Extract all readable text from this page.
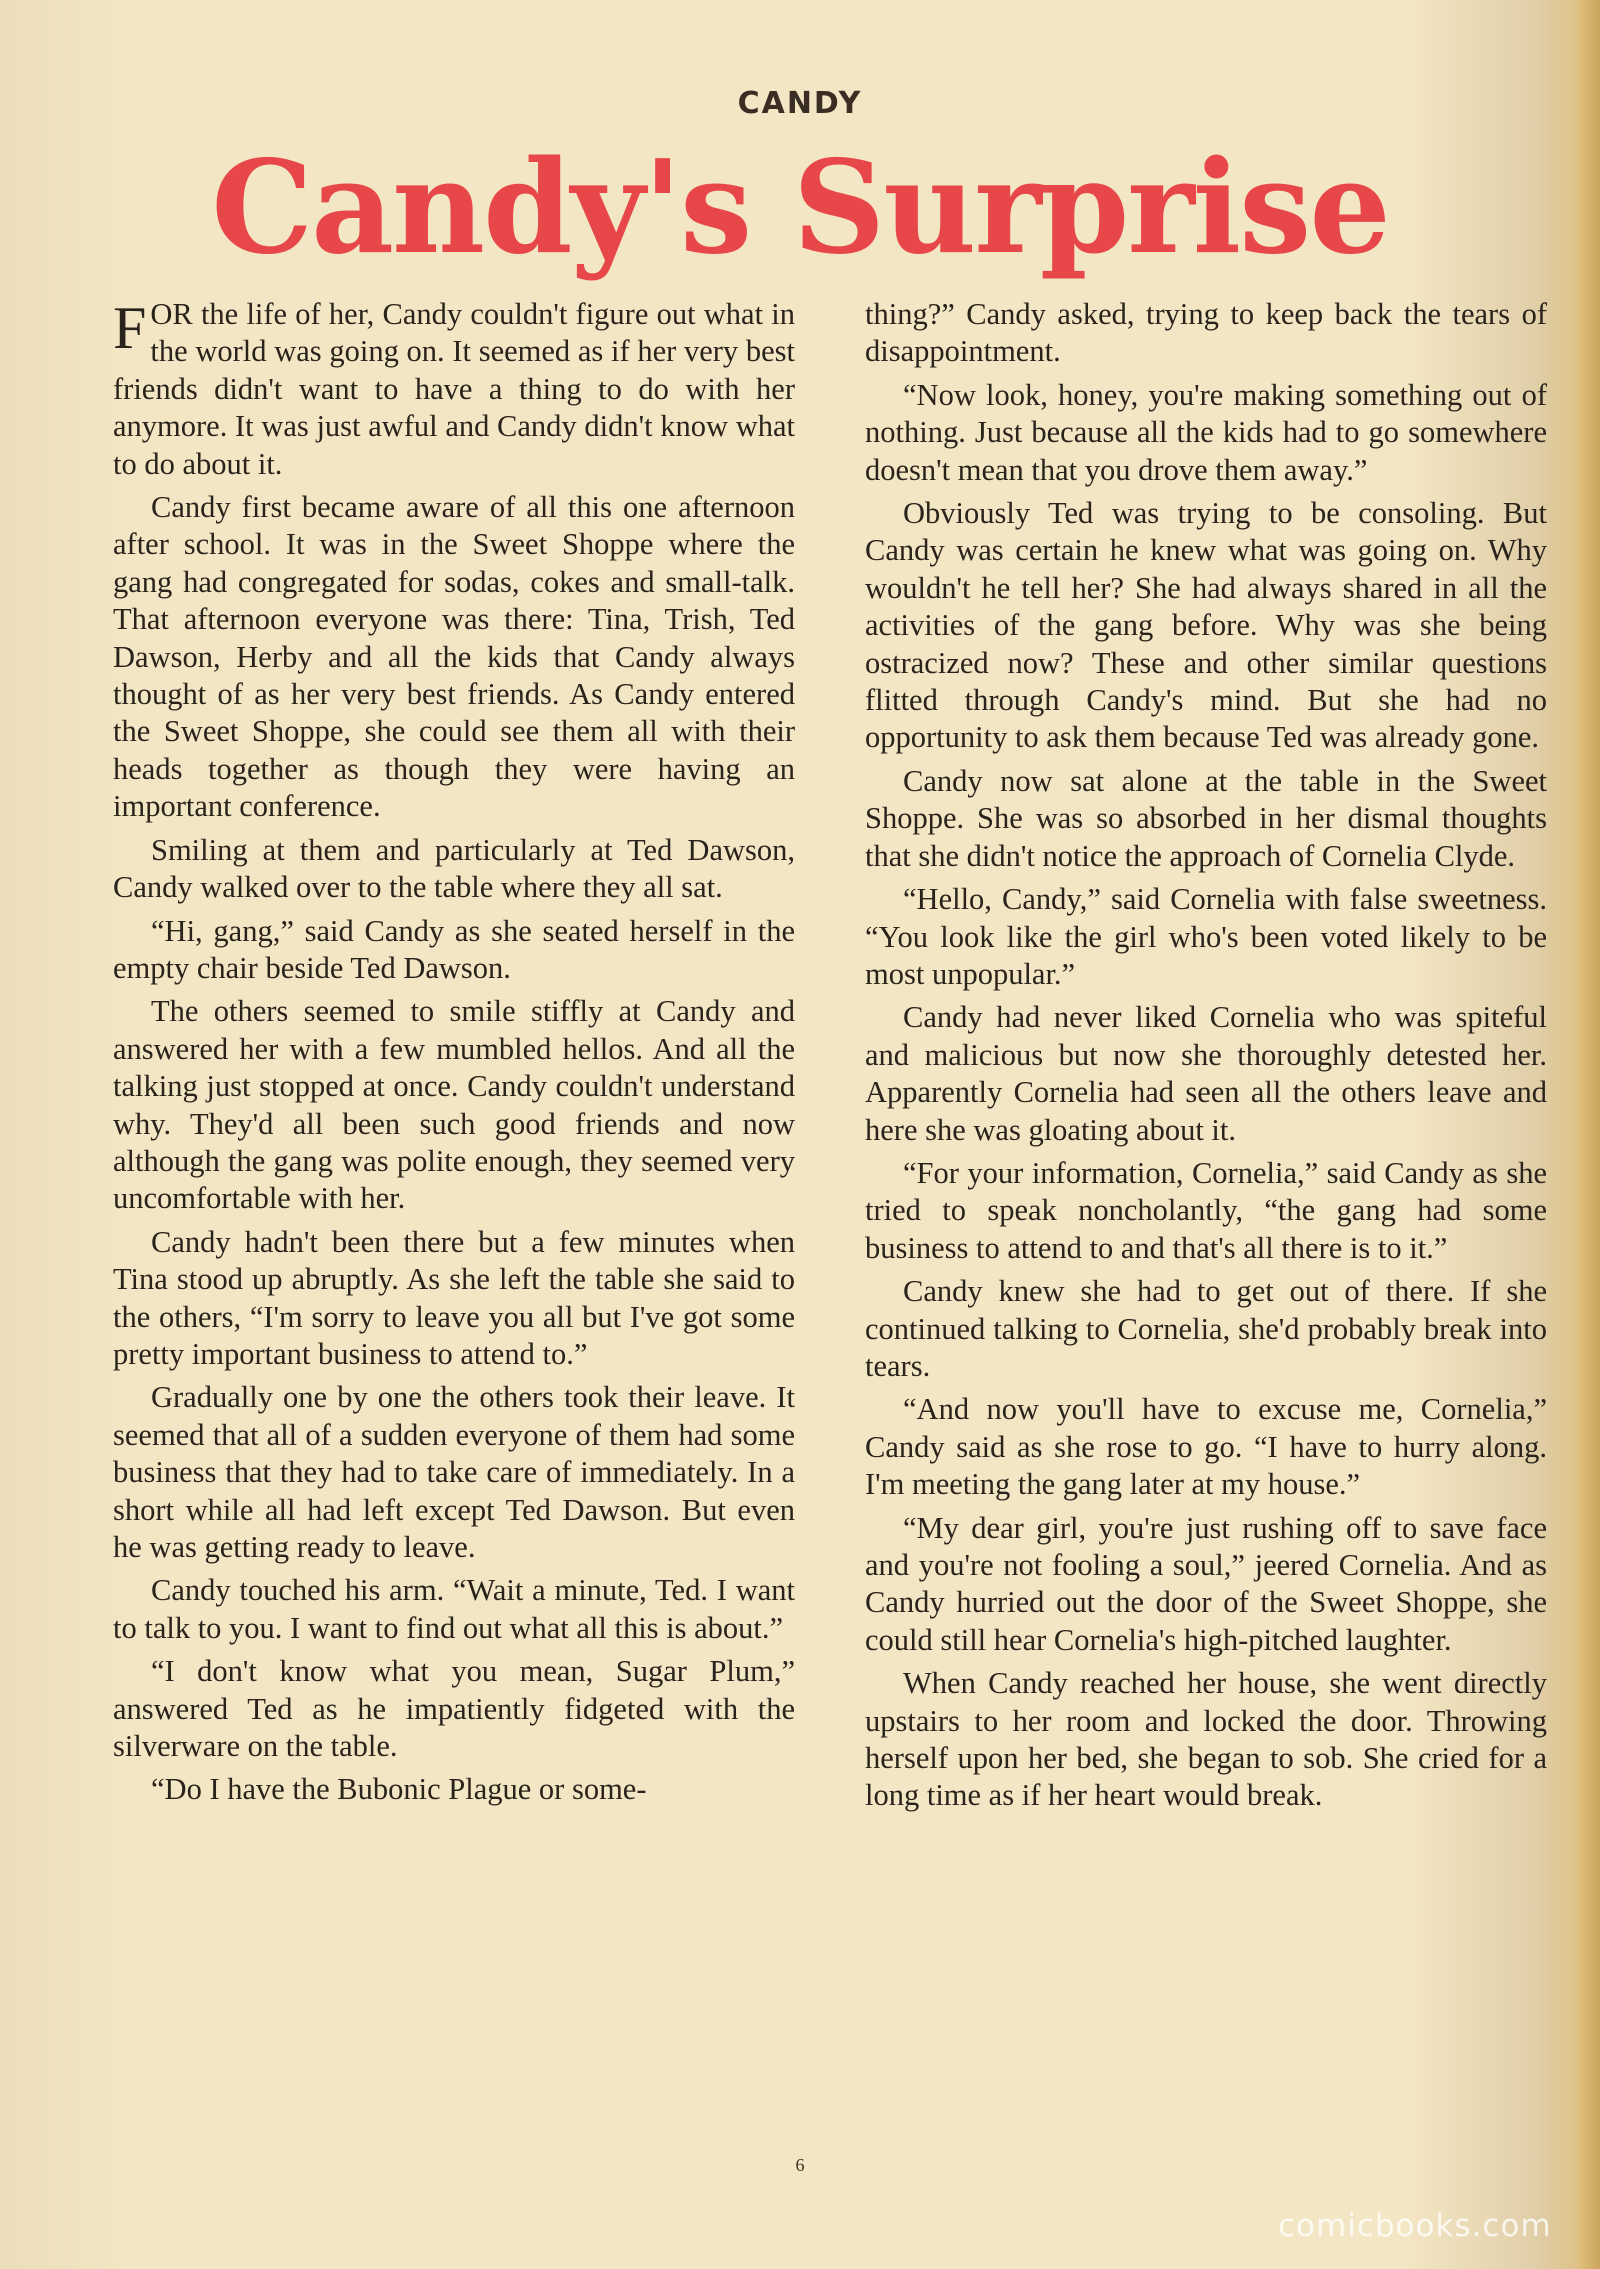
CANDY
Candy's Surprise

FOR the life of her, Candy couldn't figure out what in the world was going on. It seemed as if her very best friends didn't want to have a thing to do with her anymore. It was just awful and Candy didn't know what to do about it.

Candy first became aware of all this one afternoon after school. It was in the Sweet Shoppe where the gang had congregated for sodas, cokes and small-talk. That afternoon everyone was there: Tina, Trish, Ted Dawson, Herby and all the kids that Candy always thought of as her very best friends. As Candy entered the Sweet Shoppe, she could see them all with their heads together as though they were having an important conference.

Smiling at them and particularly at Ted Dawson, Candy walked over to the table where they all sat.

“Hi, gang,” said Candy as she seated herself in the empty chair beside Ted Dawson.

The others seemed to smile stiffly at Candy and answered her with a few mumbled hellos. And all the talking just stopped at once. Candy couldn't understand why. They'd all been such good friends and now although the gang was polite enough, they seemed very uncomfortable with her.

Candy hadn't been there but a few minutes when Tina stood up abruptly. As she left the table she said to the others, “I'm sorry to leave you all but I've got some pretty important business to attend to.”

Gradually one by one the others took their leave. It seemed that all of a sudden everyone of them had some business that they had to take care of immediately. In a short while all had left except Ted Dawson. But even he was getting ready to leave.

Candy touched his arm. “Wait a minute, Ted. I want to talk to you. I want to find out what all this is about.”

“I don't know what you mean, Sugar Plum,” answered Ted as he impatiently fidgeted with the silverware on the table.

“Do I have the Bubonic Plague or some-

thing?” Candy asked, trying to keep back the tears of disappointment.

“Now look, honey, you're making something out of nothing. Just because all the kids had to go somewhere doesn't mean that you drove them away.”

Obviously Ted was trying to be consoling. But Candy was certain he knew what was going on. Why wouldn't he tell her? She had always shared in all the activities of the gang before. Why was she being ostracized now? These and other similar questions flitted through Candy's mind. But she had no opportunity to ask them because Ted was already gone.

Candy now sat alone at the table in the Sweet Shoppe. She was so absorbed in her dismal thoughts that she didn't notice the approach of Cornelia Clyde.

“Hello, Candy,” said Cornelia with false sweetness. “You look like the girl who's been voted likely to be most unpopular.”

Candy had never liked Cornelia who was spiteful and malicious but now she thoroughly detested her. Apparently Cornelia had seen all the others leave and here she was gloating about it.

“For your information, Cornelia,” said Candy as she tried to speak noncholantly, “the gang had some business to attend to and that's all there is to it.”

Candy knew she had to get out of there. If she continued talking to Cornelia, she'd probably break into tears.

“And now you'll have to excuse me, Cornelia,” Candy said as she rose to go. “I have to hurry along. I'm meeting the gang later at my house.”

“My dear girl, you're just rushing off to save face and you're not fooling a soul,” jeered Cornelia. And as Candy hurried out the door of the Sweet Shoppe, she could still hear Cornelia's high-pitched laughter.

When Candy reached her house, she went directly upstairs to her room and locked the door. Throwing herself upon her bed, she began to sob. She cried for a long time as if her heart would break.

6
comicbooks.com
